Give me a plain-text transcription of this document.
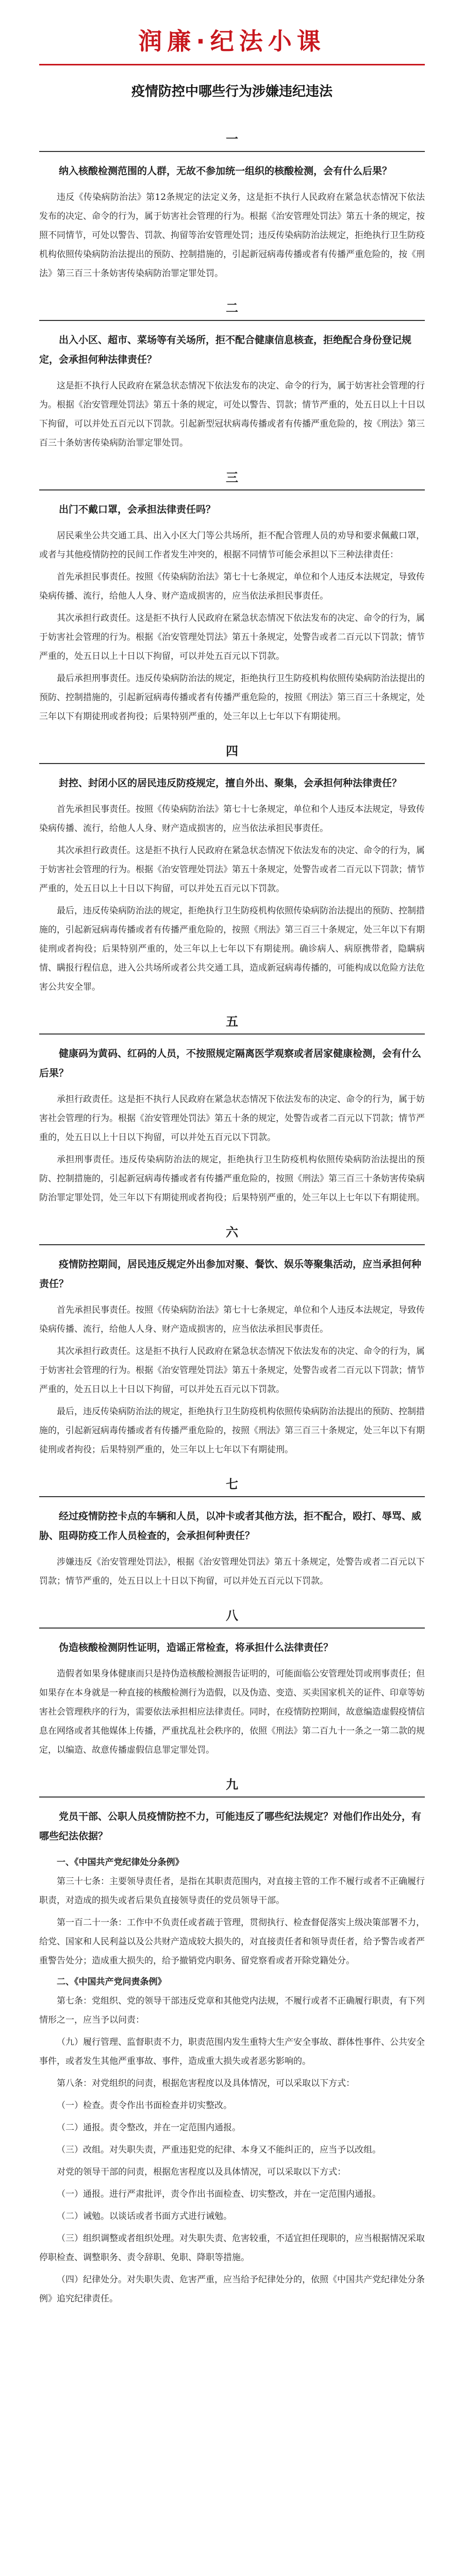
润廉·纪法小课
疫情防控中哪些行为涉嫌违纪违法
一

纳入核酸检测范围的人群，无故不参加统一组织的核酸检测，会有什么后果？

违反《传染病防治法》第12条规定的法定义务，这是拒不执行人民政府在紧急状态情况下依法发布的决定、命令的行为，属于妨害社会管理的行为。根据《治安管理处罚法》第五十条的规定，按照不同情节，可处以警告、罚款、拘留等治安管理处罚；违反传染病防治法规定，拒绝执行卫生防疫机构依照传染病防治法提出的预防、控制措施的，引起新冠病毒传播或者有传播严重危险的，按《刑法》第三百三十条妨害传染病防治罪定罪处罚。

二

出入小区、超市、菜场等有关场所，拒不配合健康信息核查，拒绝配合身份登记规定，会承担何种法律责任？

这是拒不执行人民政府在紧急状态情况下依法发布的决定、命令的行为，属于妨害社会管理的行为。根据《治安管理处罚法》第五十条的规定，可处以警告、罚款；情节严重的，处五日以上十日以下拘留，可以并处五百元以下罚款。引起新型冠状病毒传播或者有传播严重危险的，按《刑法》第三百三十条妨害传染病防治罪定罪处罚。

三

出门不戴口罩，会承担法律责任吗？

居民乘坐公共交通工具、出入小区大门等公共场所，拒不配合管理人员的劝导和要求佩戴口罩，或者与其他疫情防控的民间工作者发生冲突的，根据不同情节可能会承担以下三种法律责任：

首先承担民事责任。按照《传染病防治法》第七十七条规定，单位和个人违反本法规定，导致传染病传播、流行，给他人人身、财产造成损害的，应当依法承担民事责任。

其次承担行政责任。这是拒不执行人民政府在紧急状态情况下依法发布的决定、命令的行为，属于妨害社会管理的行为。根据《治安管理处罚法》第五十条规定，处警告或者二百元以下罚款；情节严重的，处五日以上十日以下拘留，可以并处五百元以下罚款。

最后承担刑事责任。违反传染病防治法的规定，拒绝执行卫生防疫机构依照传染病防治法提出的预防、控制措施的，引起新冠病毒传播或者有传播严重危险的，按照《刑法》第三百三十条规定，处三年以下有期徒刑或者拘役；后果特别严重的，处三年以上七年以下有期徒刑。

四

封控、封闭小区的居民违反防疫规定，擅自外出、聚集，会承担何种法律责任？

首先承担民事责任。按照《传染病防治法》第七十七条规定，单位和个人违反本法规定，导致传染病传播、流行，给他人人身、财产造成损害的，应当依法承担民事责任。

其次承担行政责任。这是拒不执行人民政府在紧急状态情况下依法发布的决定、命令的行为，属于妨害社会管理的行为。根据《治安管理处罚法》第五十条规定，处警告或者二百元以下罚款；情节严重的，处五日以上十日以下拘留，可以并处五百元以下罚款。

最后，违反传染病防治法的规定，拒绝执行卫生防疫机构依照传染病防治法提出的预防、控制措施的，引起新冠病毒传播或者有传播严重危险的，按照《刑法》第三百三十条规定，处三年以下有期徒刑或者拘役；后果特别严重的，处三年以上七年以下有期徒刑。确诊病人、病原携带者，隐瞒病情、瞒报行程信息，进入公共场所或者公共交通工具，造成新冠病毒传播的，可能构成以危险方法危害公共安全罪。

五

健康码为黄码、红码的人员，不按照规定隔离医学观察或者居家健康检测，会有什么后果？

承担行政责任。这是拒不执行人民政府在紧急状态情况下依法发布的决定、命令的行为，属于妨害社会管理的行为。根据《治安管理处罚法》第五十条的规定，处警告或者二百元以下罚款；情节严重的，处五日以上十日以下拘留，可以并处五百元以下罚款。

承担刑事责任。违反传染病防治法的规定，拒绝执行卫生防疫机构依照传染病防治法提出的预防、控制措施的，引起新冠病毒传播或者有传播严重危险的，按照《刑法》第三百三十条妨害传染病防治罪定罪处罚，处三年以下有期徒刑或者拘役；后果特别严重的，处三年以上七年以下有期徒刑。

六

疫情防控期间，居民违反规定外出参加对聚、餐饮、娱乐等聚集活动，应当承担何种责任？

首先承担民事责任。按照《传染病防治法》第七十七条规定，单位和个人违反本法规定，导致传染病传播、流行，给他人人身、财产造成损害的，应当依法承担民事责任。

其次承担行政责任。这是拒不执行人民政府在紧急状态情况下依法发布的决定、命令的行为，属于妨害社会管理的行为。根据《治安管理处罚法》第五十条规定，处警告或者二百元以下罚款；情节严重的，处五日以上十日以下拘留，可以并处五百元以下罚款。

最后，违反传染病防治法的规定，拒绝执行卫生防疫机构依照传染病防治法提出的预防、控制措施的，引起新冠病毒传播或者有传播严重危险的，按照《刑法》第三百三十条规定，处三年以下有期徒刑或者拘役；后果特别严重的，处三年以上七年以下有期徒刑。

七

经过疫情防控卡点的车辆和人员，以冲卡或者其他方法，拒不配合，殴打、辱骂、威胁、阻碍防疫工作人员检查的，会承担何种责任？

涉嫌违反《治安管理处罚法》，根据《治安管理处罚法》第五十条规定，处警告或者二百元以下罚款；情节严重的，处五日以上十日以下拘留，可以并处五百元以下罚款。

八

伪造核酸检测阴性证明，造谣正常检查，将承担什么法律责任？

造假者如果身体健康而只是持伪造核酸检测报告证明的，可能面临公安管理处罚或刑事责任；但如果存在本身就是一种直接的核酸检测行为造假，以及伪造、变造、买卖国家机关的证件、印章等妨害社会管理秩序的行为，需要依法承担相应法律责任。同时，在疫情防控期间，故意编造虚假疫情信息在网络或者其他媒体上传播，严重扰乱社会秩序的，依照《刑法》第二百九十一条之一第二款的规定，以编造、故意传播虚假信息罪定罪处罚。

九

党员干部、公职人员疫情防控不力，可能违反了哪些纪法规定？对他们作出处分，有哪些纪法依据？

一、《中国共产党纪律处分条例》

第三十七条：主要领导责任者，是指在其职责范围内，对直接主管的工作不履行或者不正确履行职责，对造成的损失或者后果负直接领导责任的党员领导干部。

第一百二十一条：工作中不负责任或者疏于管理，贯彻执行、检查督促落实上级决策部署不力，给党、国家和人民利益以及公共财产造成较大损失的，对直接责任者和领导责任者，给予警告或者严重警告处分；造成重大损失的，给予撤销党内职务、留党察看或者开除党籍处分。

二、《中国共产党问责条例》

第七条：党组织、党的领导干部违反党章和其他党内法规，不履行或者不正确履行职责，有下列情形之一，应当予以问责：

（九）履行管理、监督职责不力，职责范围内发生重特大生产安全事故、群体性事件、公共安全事件，或者发生其他严重事故、事件，造成重大损失或者恶劣影响的。

第八条：对党组织的问责，根据危害程度以及具体情况，可以采取以下方式：

（一）检查。责令作出书面检查并切实整改。

（二）通报。责令整改，并在一定范围内通报。

（三）改组。对失职失责，严重违犯党的纪律、本身又不能纠正的，应当予以改组。

对党的领导干部的问责，根据危害程度以及具体情况，可以采取以下方式：

（一）通报。进行严肃批评，责令作出书面检查、切实整改，并在一定范围内通报。

（二）诫勉。以谈话或者书面方式进行诫勉。

（三）组织调整或者组织处理。对失职失责、危害较重，不适宜担任现职的，应当根据情况采取停职检查、调整职务、责令辞职、免职、降职等措施。

（四）纪律处分。对失职失责、危害严重，应当给予纪律处分的，依照《中国共产党纪律处分条例》追究纪律责任。
